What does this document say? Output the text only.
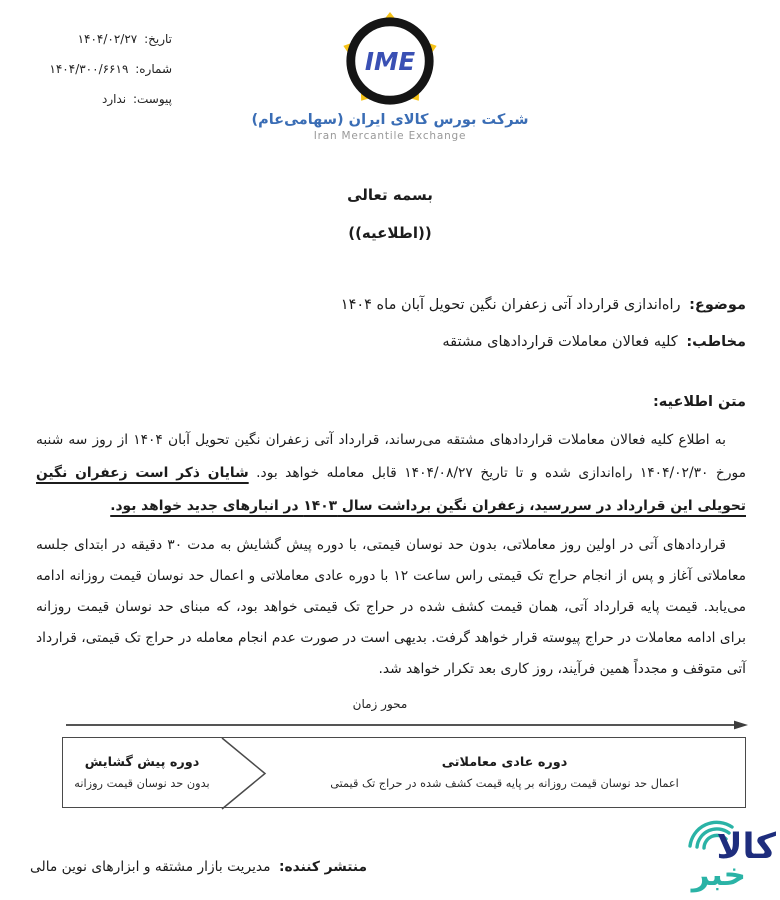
تاریخ: ۱۴۰۴/۰۲/۲۷
شماره: ۱۴۰۴/۳۰۰/۶۶۱۹
پیوست: ندارد
IME
شرکت بورس کالای ایران (سهامی‌عام)
Iran Mercantile Exchange
بسمه تعالی
((اطلاعیه))
موضوع: راه‌اندازی قرارداد آتی زعفران نگین تحویل آبان ماه ۱۴۰۴
مخاطب: کلیه فعالان معاملات قراردادهای مشتقه
متن اطلاعیه:

به اطلاع کلیه فعالان معاملات قراردادهای مشتقه می‌رساند، قرارداد آتی زعفران نگین تحویل آبان ۱۴۰۴ از روز سه شنبه مورخ ۱۴۰۴/۰۲/۳۰ راه‌اندازی شده و تا تاریخ ۱۴۰۴/۰۸/۲۷ قابل معامله خواهد بود. شایان ذکر است زعفران نگین تحویلی این قرارداد در سررسید، زعفران نگین برداشت سال ۱۴۰۳ در انبارهای جدید خواهد بود.

قراردادهای آتی در اولین روز معاملاتی، بدون حد نوسان قیمتی، با دوره پیش گشایش به مدت ۳۰ دقیقه در ابتدای جلسه معاملاتی آغاز و پس از انجام حراج تک قیمتی راس ساعت ۱۲ با دوره عادی معاملاتی و اعمال حد نوسان قیمت روزانه ادامه می‌یابد. قیمت پایه قرارداد آتی، همان قیمت کشف شده در حراج تک قیمتی خواهد بود، که مبنای حد نوسان قیمت روزانه برای ادامه معاملات در حراج پیوسته قرار خواهد گرفت. بدیهی است در صورت عدم انجام معامله در حراج تک قیمتی، قرارداد آتی متوقف و مجدداً همین فرآیند، روز کاری بعد تکرار خواهد شد.

محور زمان
دوره پیش گشایش
بدون حد نوسان قیمت روزانه
دوره عادی معاملاتی
اعمال حد نوسان قیمت روزانه بر پایه قیمت کشف شده در حراج تک قیمتی
منتشر کننده: مدیریت بازار مشتقه و ابزارهای نوین مالی	کالا
خبر
